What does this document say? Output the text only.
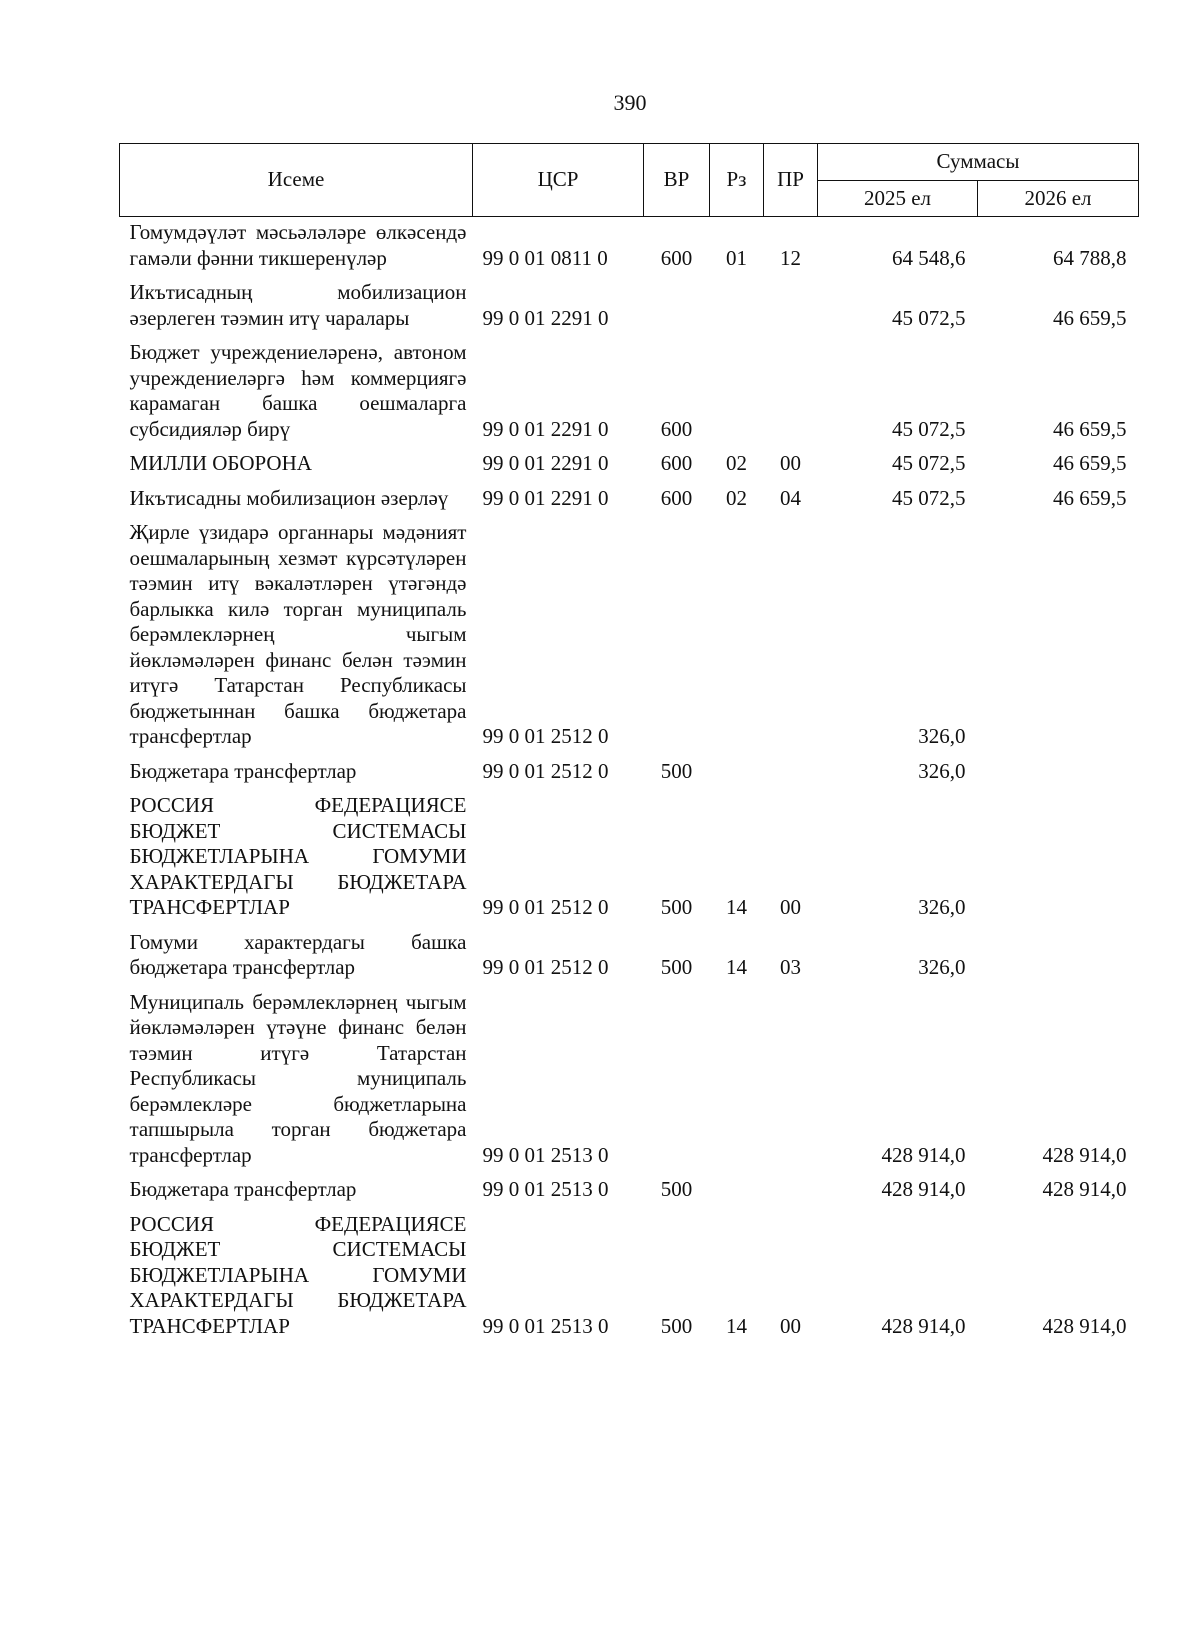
390
Исеме	ЦСР	ВР	Рз	ПР	Суммасы	
					2025 ел	2026 ел
Гомумдәүләт мәсьәләләре өлкәсендә гамәли фәнни тикшеренүләр	99 0 01 0811 0	600	01	12	64 548,6	64 788,8
Икътисадның мобилизацион әзерлеген тәэмин итү чаралары	99 0 01 2291 0				45 072,5	46 659,5
Бюджет учреждениеләренә, автоном учреждениеләргә һәм коммерциягә карамаган башка оешмаларга субсидияләр бирү	99 0 01 2291 0	600			45 072,5	46 659,5
МИЛЛИ ОБОРОНА	99 0 01 2291 0	600	02	00	45 072,5	46 659,5
Икътисадны мобилизацион әзерләү	99 0 01 2291 0	600	02	04	45 072,5	46 659,5
Җирле үзидарә органнары мәдәният оешмаларының хезмәт күрсәтүләрен тәэмин итү вәкаләтләрен үтәгәндә барлыкка килә торган муниципаль берәмлекләрнең чыгым йөкләмәләрен финанс белән тәэмин итүгә Татарстан Республикасы бюджетыннан башка бюджетара трансфертлар	99 0 01 2512 0				326,0	
Бюджетара трансфертлар	99 0 01 2512 0	500			326,0	
РОССИЯ ФЕДЕРАЦИЯСЕ БЮДЖЕТ СИСТЕМАСЫ БЮДЖЕТЛАРЫНА ГОМУМИ ХАРАКТЕРДАГЫ БЮДЖЕТАРА ТРАНСФЕРТЛАР	99 0 01 2512 0	500	14	00	326,0	
Гомуми характердагы башка бюджетара трансфертлар	99 0 01 2512 0	500	14	03	326,0	
Муниципаль берәмлекләрнең чыгым йөкләмәләрен үтәүне финанс белән тәэмин итүгә Татарстан Республикасы муниципаль берәмлекләре бюджетларына тапшырыла торган бюджетара трансфертлар	99 0 01 2513 0				428 914,0	428 914,0
Бюджетара трансфертлар	99 0 01 2513 0	500			428 914,0	428 914,0
РОССИЯ ФЕДЕРАЦИЯСЕ БЮДЖЕТ СИСТЕМАСЫ БЮДЖЕТЛАРЫНА ГОМУМИ ХАРАКТЕРДАГЫ БЮДЖЕТАРА ТРАНСФЕРТЛАР	99 0 01 2513 0	500	14	00	428 914,0	428 914,0
